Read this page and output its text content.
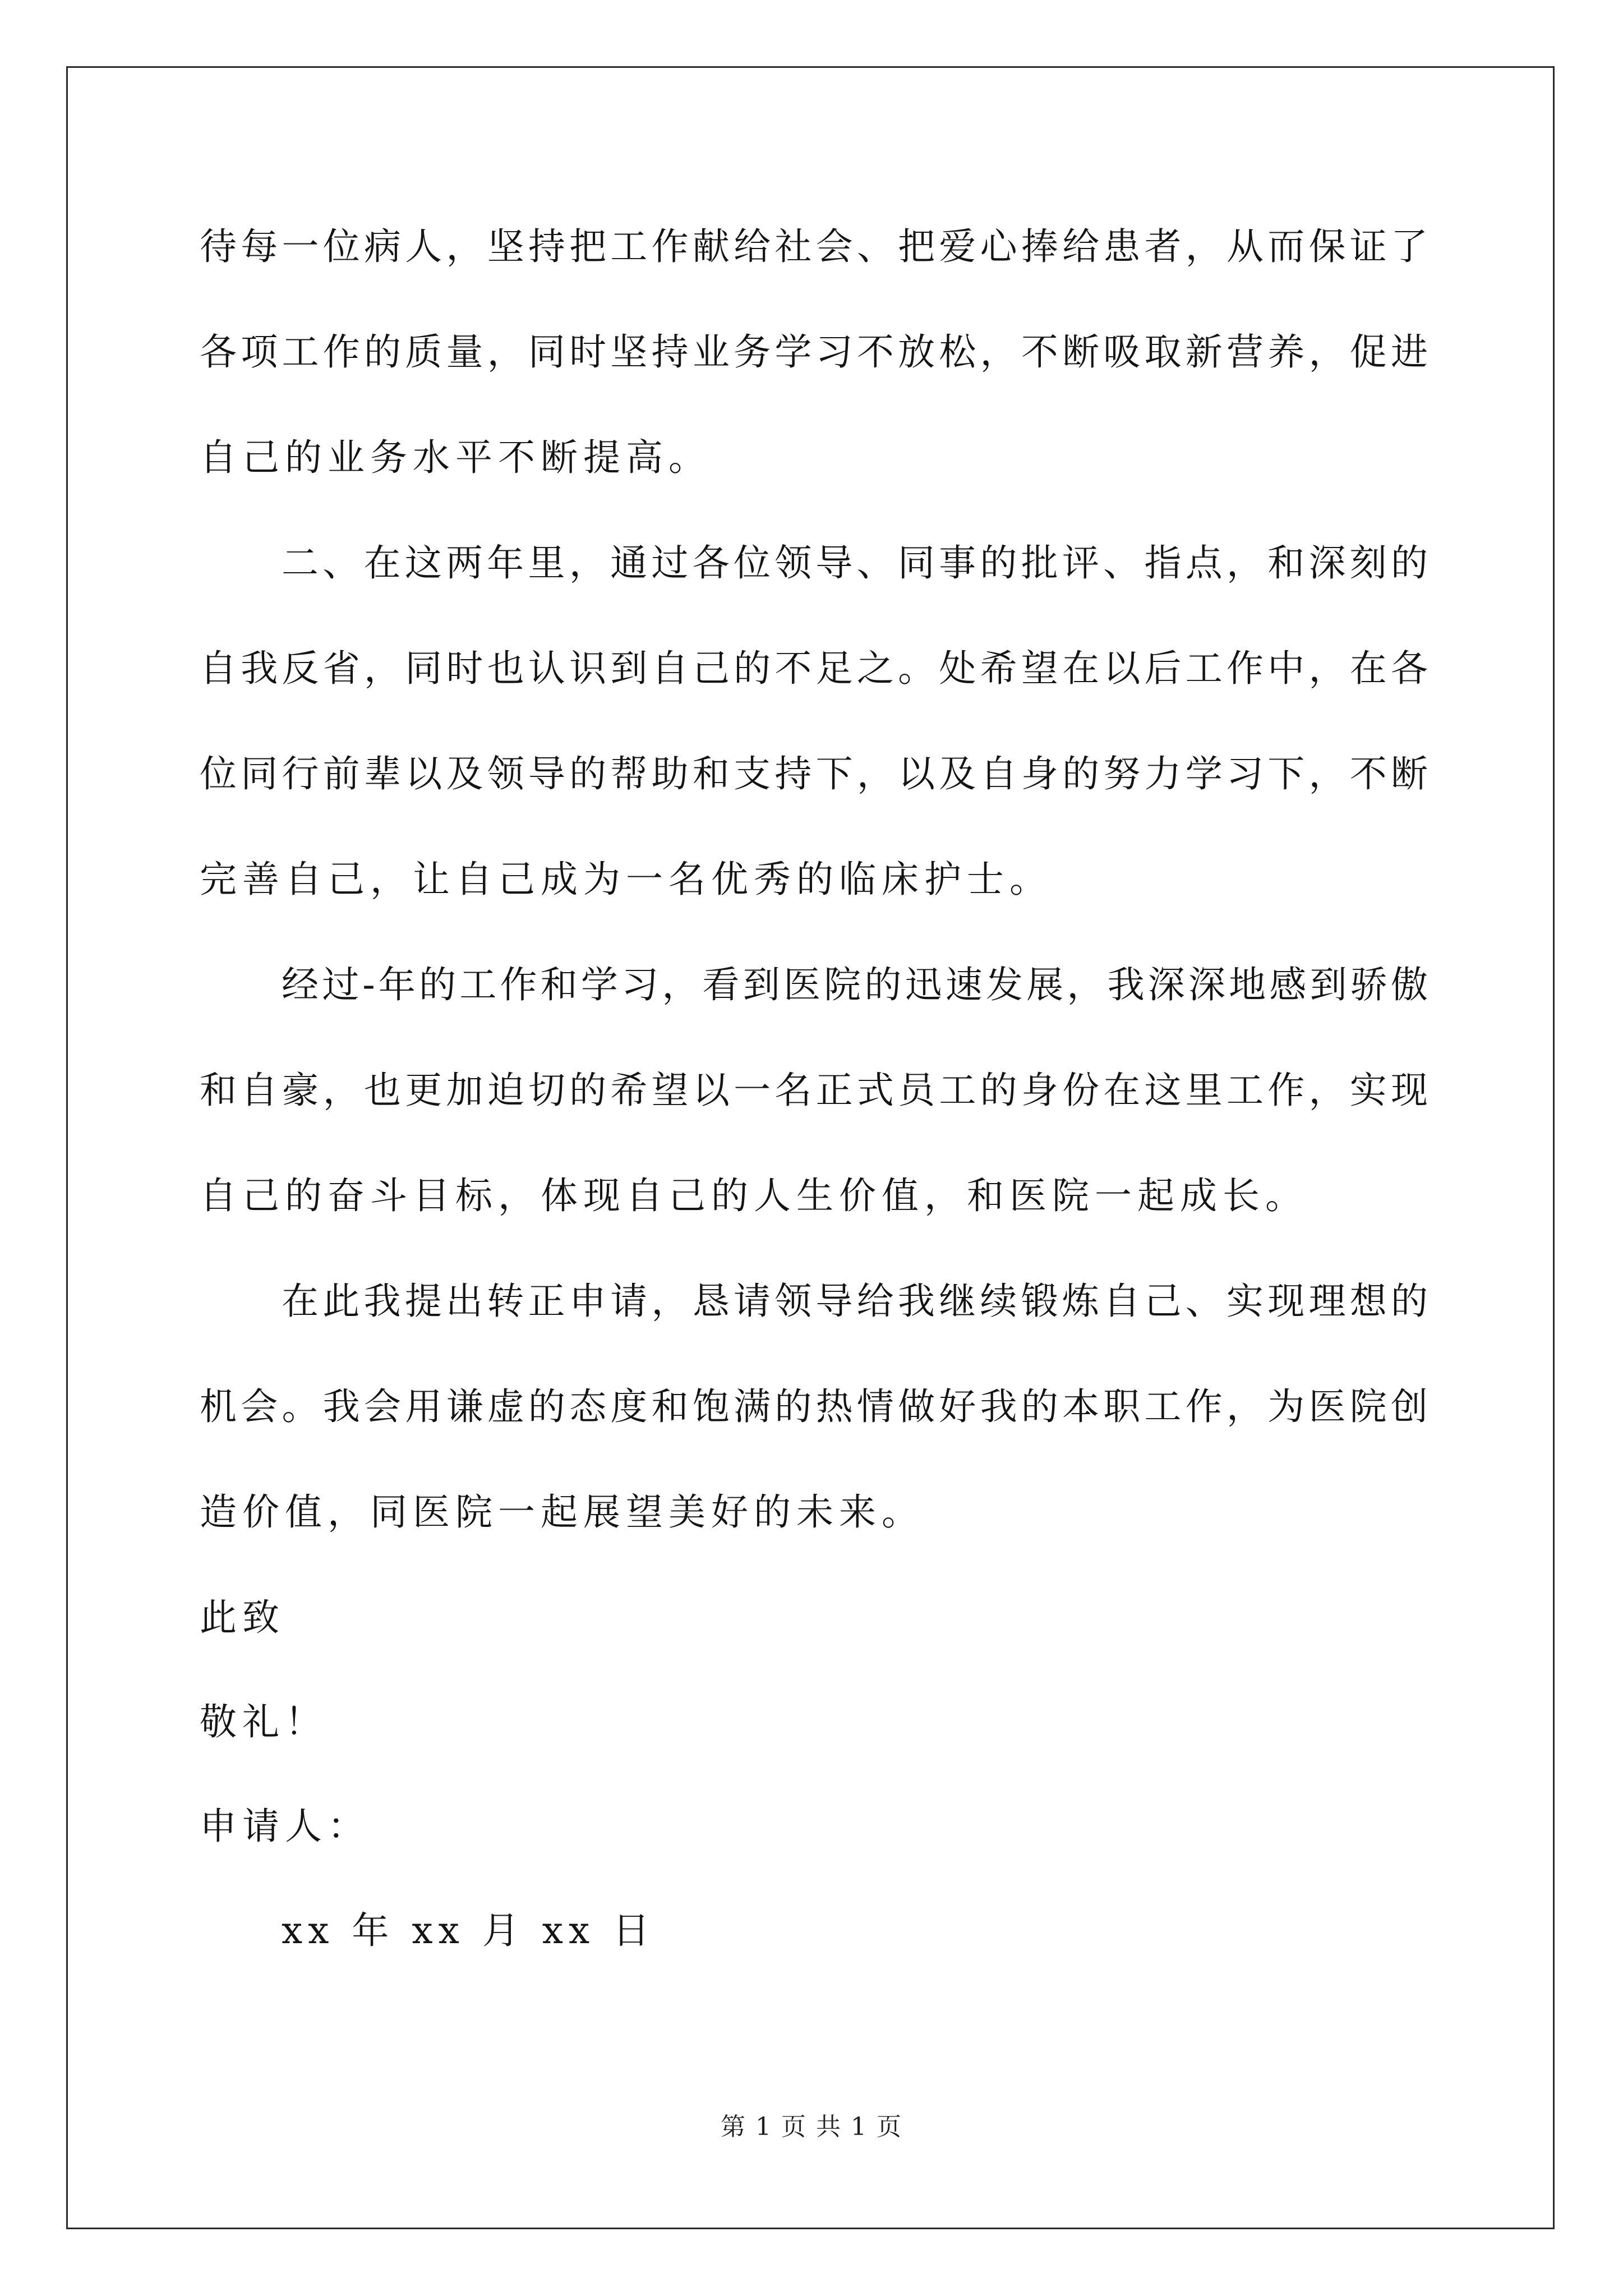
待每一位病人，坚持把工作献给社会、把爱心捧给患者，从而保证了
各项工作的质量，同时坚持业务学习不放松，不断吸取新营养，促进
自己的业务水平不断提高。
二、在这两年里，通过各位领导、同事的批评、指点，和深刻的
自我反省，同时也认识到自己的不足之。处希望在以后工作中，在各
位同行前辈以及领导的帮助和支持下，以及自身的努力学习下，不断
完善自己，让自己成为一名优秀的临床护士。
经过-年的工作和学习，看到医院的迅速发展，我深深地感到骄傲
和自豪，也更加迫切的希望以一名正式员工的身份在这里工作，实现
自己的奋斗目标，体现自己的人生价值，和医院一起成长。
在此我提出转正申请，恳请领导给我继续锻炼自己、实现理想的
机会。我会用谦虚的态度和饱满的热情做好我的本职工作，为医院创
造价值，同医院一起展望美好的未来。
此致
敬礼！
申请人：
xx 年 xx 月 xx 日
第 1 页 共 1 页
